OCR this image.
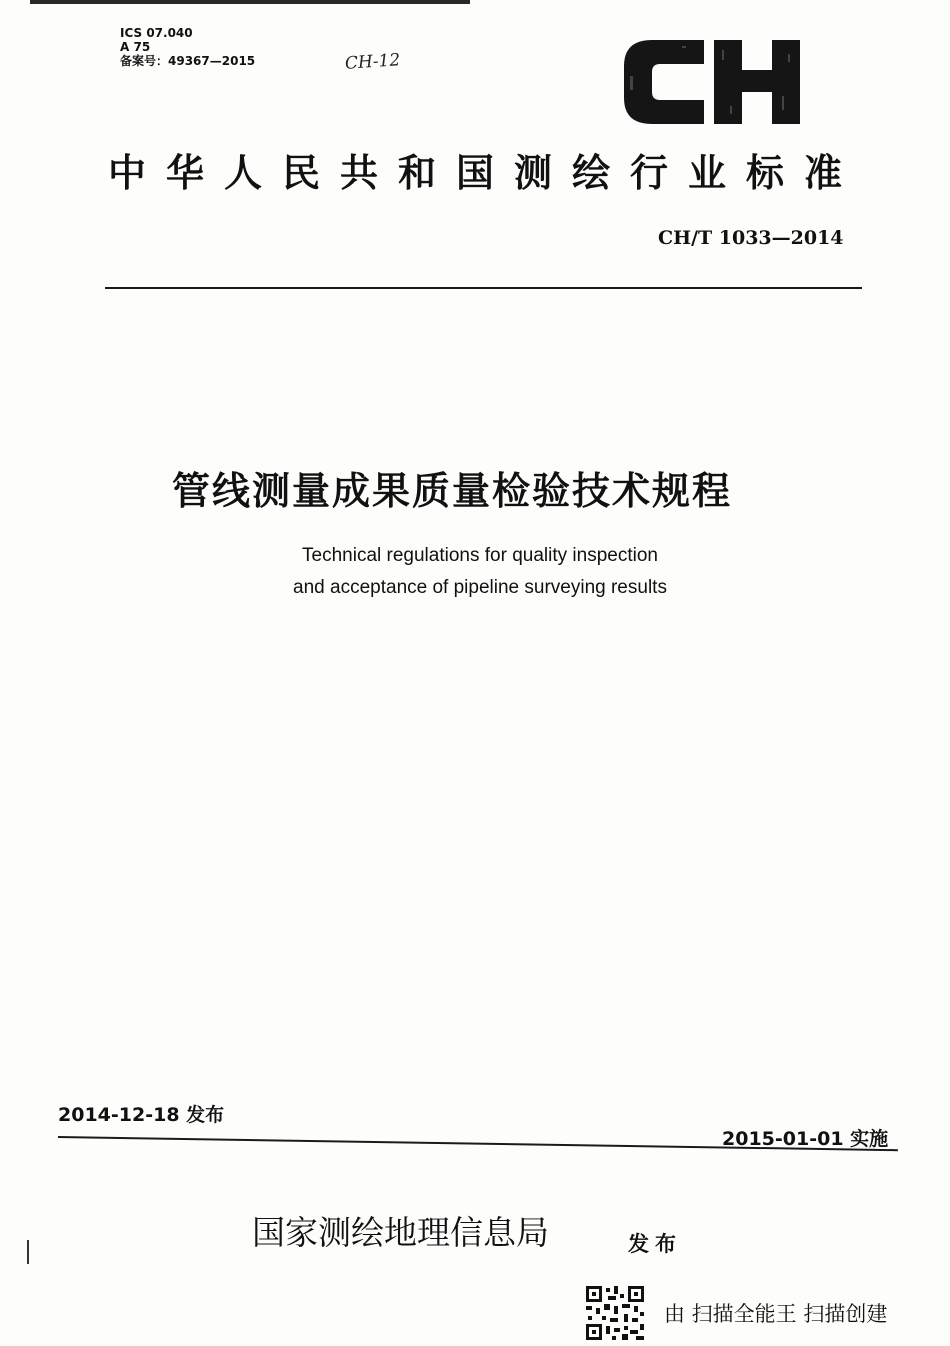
ICS 07.040
A 75
备案号：49367—2015	CH-12
中华人民共和国测绘行业标准
CH/T 1033—2014
管线测量成果质量检验技术规程
Technical regulations for quality inspection
and acceptance of pipeline surveying results
2014-12-18 发布
2015-01-01 实施
国家测绘地理信息局	发布
由 扫描全能王 扫描创建
